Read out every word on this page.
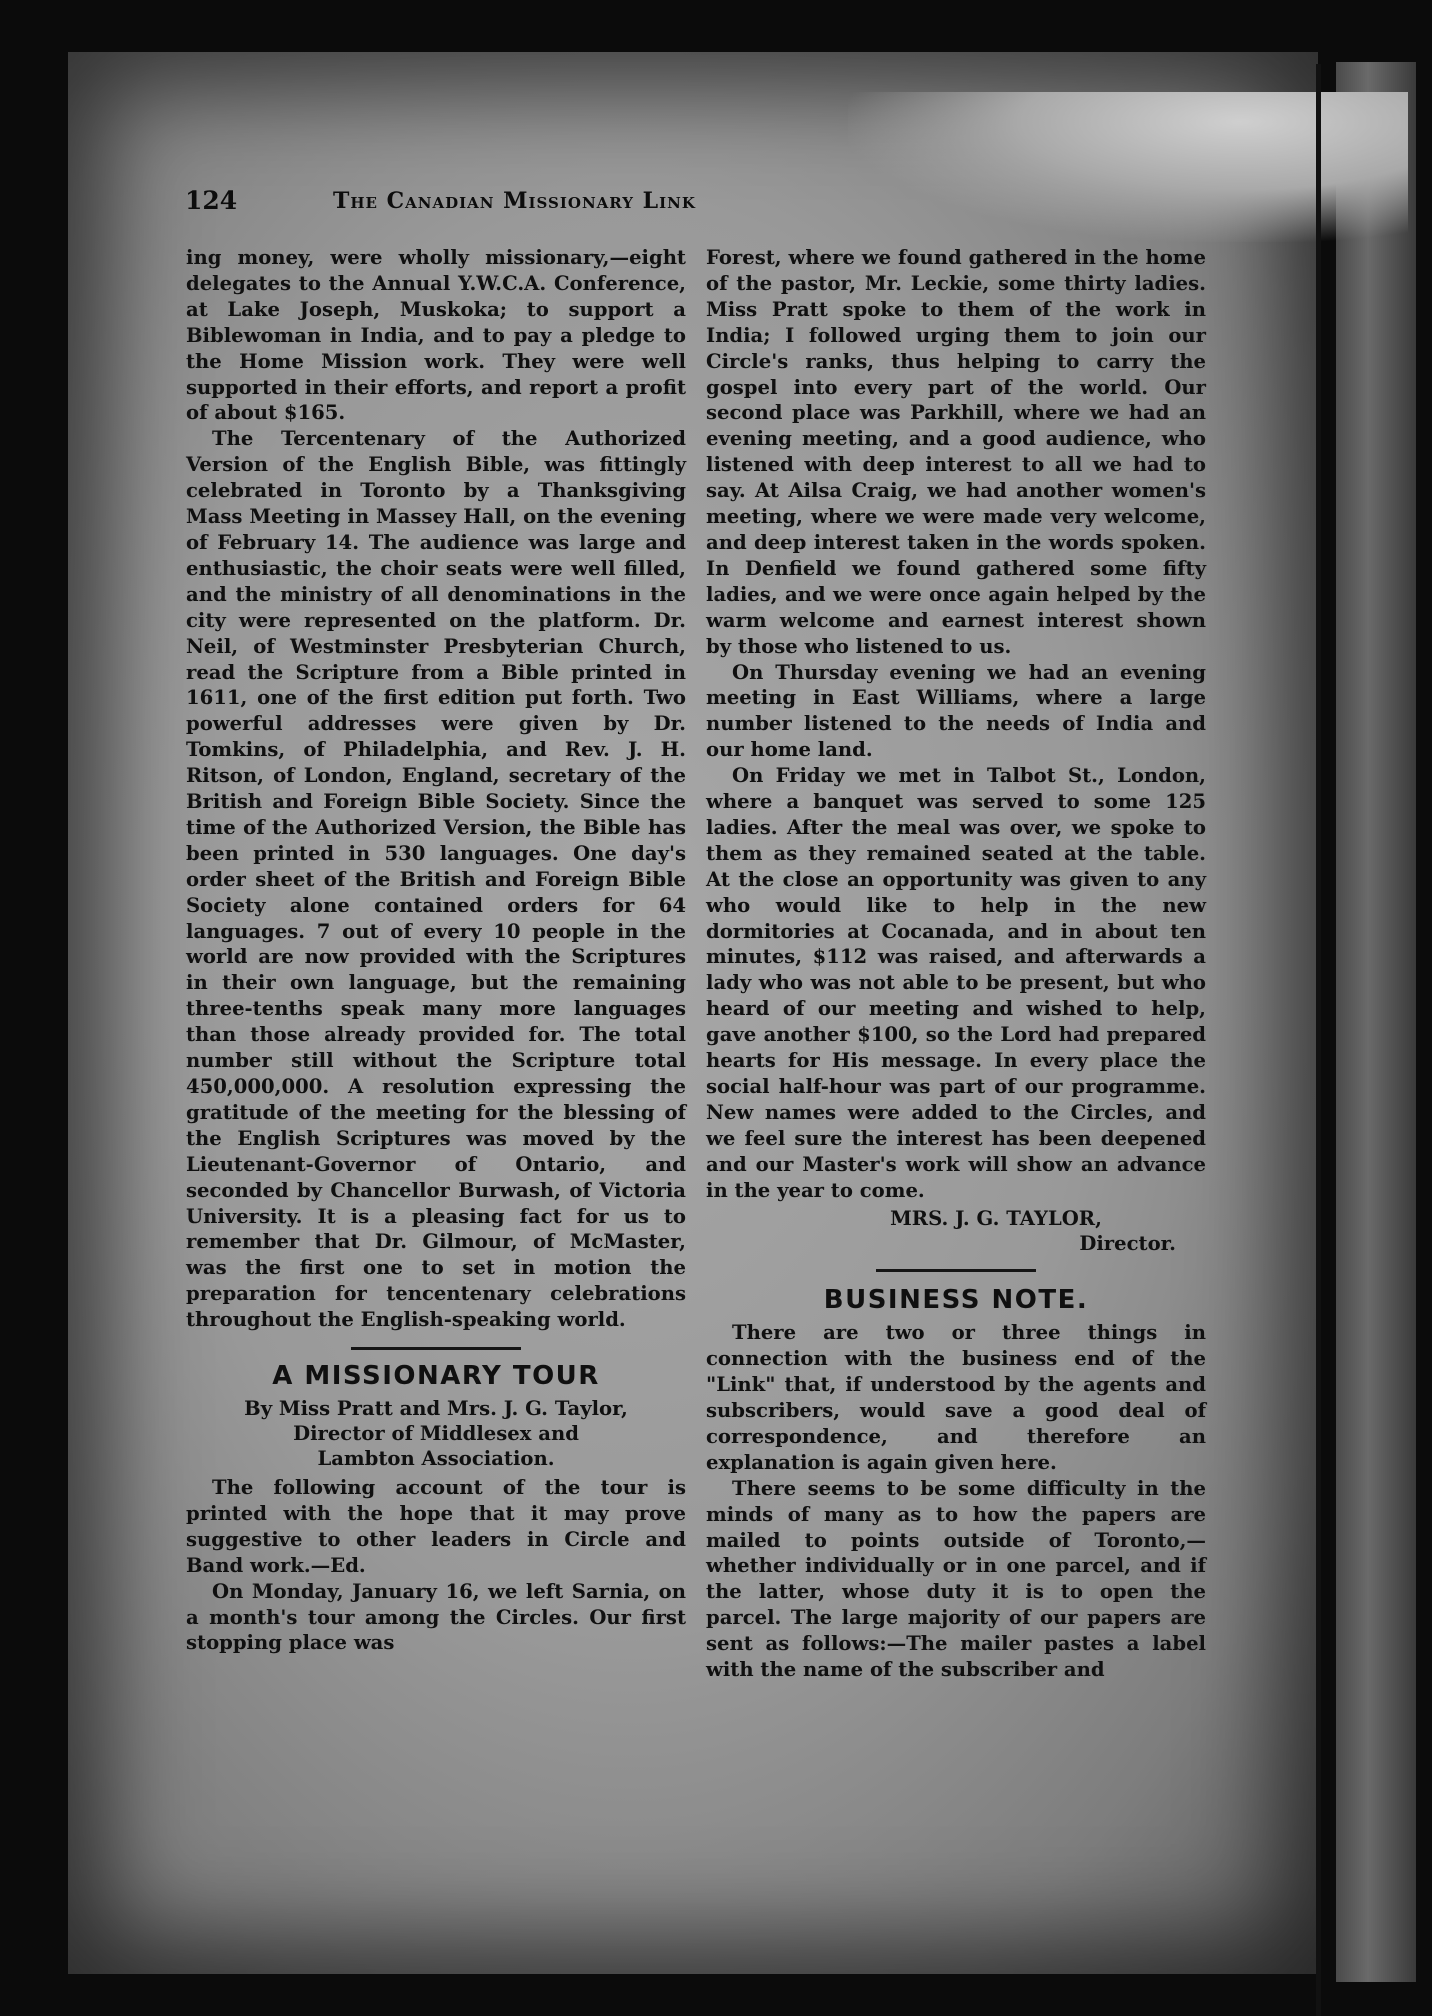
124	The Canadian Missionary Link

ing money, were wholly missionary,—eight delegates to the Annual Y.W.C.A. Conference, at Lake Joseph, Muskoka; to support a Biblewoman in India, and to pay a pledge to the Home Mission work. They were well supported in their efforts, and report a profit of about $165.

The Tercentenary of the Authorized Version of the English Bible, was fittingly celebrated in Toronto by a Thanksgiving Mass Meeting in Massey Hall, on the evening of February 14. The audience was large and enthusiastic, the choir seats were well filled, and the ministry of all denominations in the city were represented on the platform. Dr. Neil, of Westminster Presbyterian Church, read the Scripture from a Bible printed in 1611, one of the first edition put forth. Two powerful addresses were given by Dr. Tomkins, of Philadelphia, and Rev. J. H. Ritson, of London, England, secretary of the British and Foreign Bible Society. Since the time of the Authorized Version, the Bible has been printed in 530 languages. One day's order sheet of the British and Foreign Bible Society alone contained orders for 64 languages. 7 out of every 10 people in the world are now provided with the Scriptures in their own language, but the remaining three-tenths speak many more languages than those already provided for. The total number still without the Scripture total 450,000,000. A resolution expressing the gratitude of the meeting for the blessing of the English Scriptures was moved by the Lieutenant-Governor of Ontario, and seconded by Chancellor Burwash, of Victoria University. It is a pleasing fact for us to remember that Dr. Gilmour, of McMaster, was the first one to set in motion the preparation for tencentenary celebrations throughout the English-speaking world.

A MISSIONARY TOUR
By Miss Pratt and Mrs. J. G. Taylor,
Director of Middlesex and
Lambton Association.

The following account of the tour is printed with the hope that it may prove suggestive to other leaders in Circle and Band work.—Ed.

On Monday, January 16, we left Sarnia, on a month's tour among the Circles. Our first stopping place was

Forest, where we found gathered in the home of the pastor, Mr. Leckie, some thirty ladies. Miss Pratt spoke to them of the work in India; I followed urging them to join our Circle's ranks, thus helping to carry the gospel into every part of the world. Our second place was Parkhill, where we had an evening meeting, and a good audience, who listened with deep interest to all we had to say. At Ailsa Craig, we had another women's meeting, where we were made very welcome, and deep interest taken in the words spoken. In Denfield we found gathered some fifty ladies, and we were once again helped by the warm welcome and earnest interest shown by those who listened to us.

On Thursday evening we had an evening meeting in East Williams, where a large number listened to the needs of India and our home land.

On Friday we met in Talbot St., London, where a banquet was served to some 125 ladies. After the meal was over, we spoke to them as they remained seated at the table. At the close an opportunity was given to any who would like to help in the new dormitories at Cocanada, and in about ten minutes, $112 was raised, and afterwards a lady who was not able to be present, but who heard of our meeting and wished to help, gave another $100, so the Lord had prepared hearts for His message. In every place the social half-hour was part of our programme. New names were added to the Circles, and we feel sure the interest has been deepened and our Master's work will show an advance in the year to come.

MRS. J. G. TAYLOR,
Director.
BUSINESS NOTE.

There are two or three things in connection with the business end of the "Link" that, if understood by the agents and subscribers, would save a good deal of correspondence, and therefore an explanation is again given here.

There seems to be some difficulty in the minds of many as to how the papers are mailed to points outside of Toronto,—whether individually or in one parcel, and if the latter, whose duty it is to open the parcel. The large majority of our papers are sent as follows:—The mailer pastes a label with the name of the subscriber and
